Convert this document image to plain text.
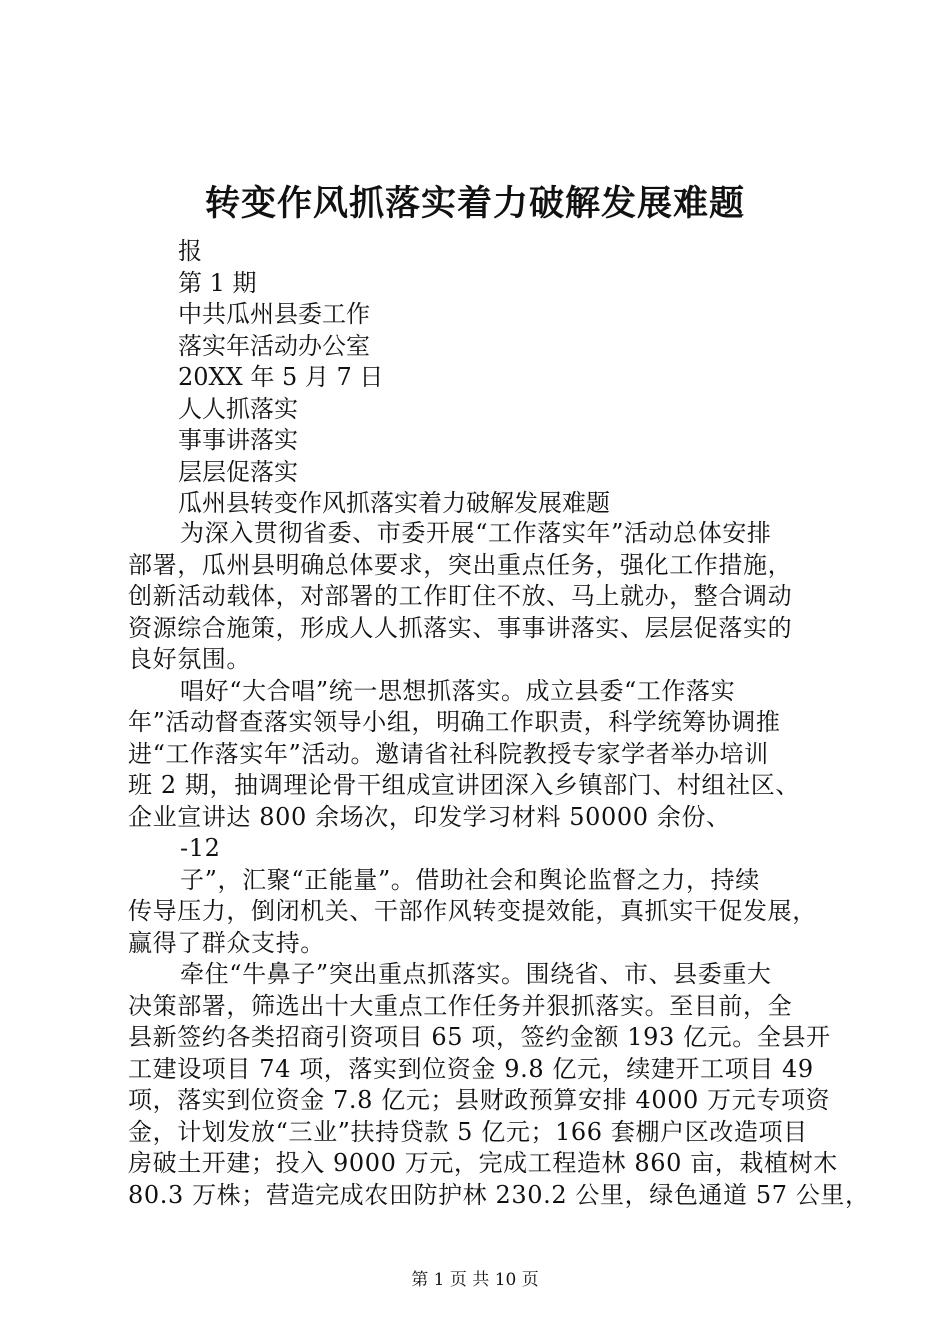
转变作风抓落实着力破解发展难题
报
第 1 期
中共瓜州县委工作
落实年活动办公室
20XX 年 5 月 7 日
人人抓落实
事事讲落实
层层促落实
瓜州县转变作风抓落实着力破解发展难题
为深入贯彻省委、市委开展“工作落实年”活动总体安排
部署，瓜州县明确总体要求，突出重点任务，强化工作措施，
创新活动载体，对部署的工作盯住不放、马上就办，整合调动
资源综合施策，形成人人抓落实、事事讲落实、层层促落实的
良好氛围。
唱好“大合唱”统一思想抓落实。成立县委“工作落实
年”活动督查落实领导小组，明确工作职责，科学统筹协调推
进“工作落实年”活动。邀请省社科院教授专家学者举办培训
班 2 期，抽调理论骨干组成宣讲团深入乡镇部门、村组社区、
企业宣讲达 800 余场次，印发学习材料 50000 余份、
-12
子”，汇聚“正能量”。借助社会和舆论监督之力，持续
传导压力，倒闭机关、干部作风转变提效能，真抓实干促发展，
赢得了群众支持。
牵住“牛鼻子”突出重点抓落实。围绕省、市、县委重大
决策部署，筛选出十大重点工作任务并狠抓落实。至目前，全
县新签约各类招商引资项目 65 项，签约金额 193 亿元。全县开
工建设项目 74 项，落实到位资金 9.8 亿元，续建开工项目 49
项，落实到位资金 7.8 亿元；县财政预算安排 4000 万元专项资
金，计划发放“三业”扶持贷款 5 亿元；166 套棚户区改造项目
房破土开建；投入 9000 万元，完成工程造林 860 亩，栽植树木
80.3 万株；营造完成农田防护林 230.2 公里，绿色通道 57 公里，
第 1 页 共 10 页
